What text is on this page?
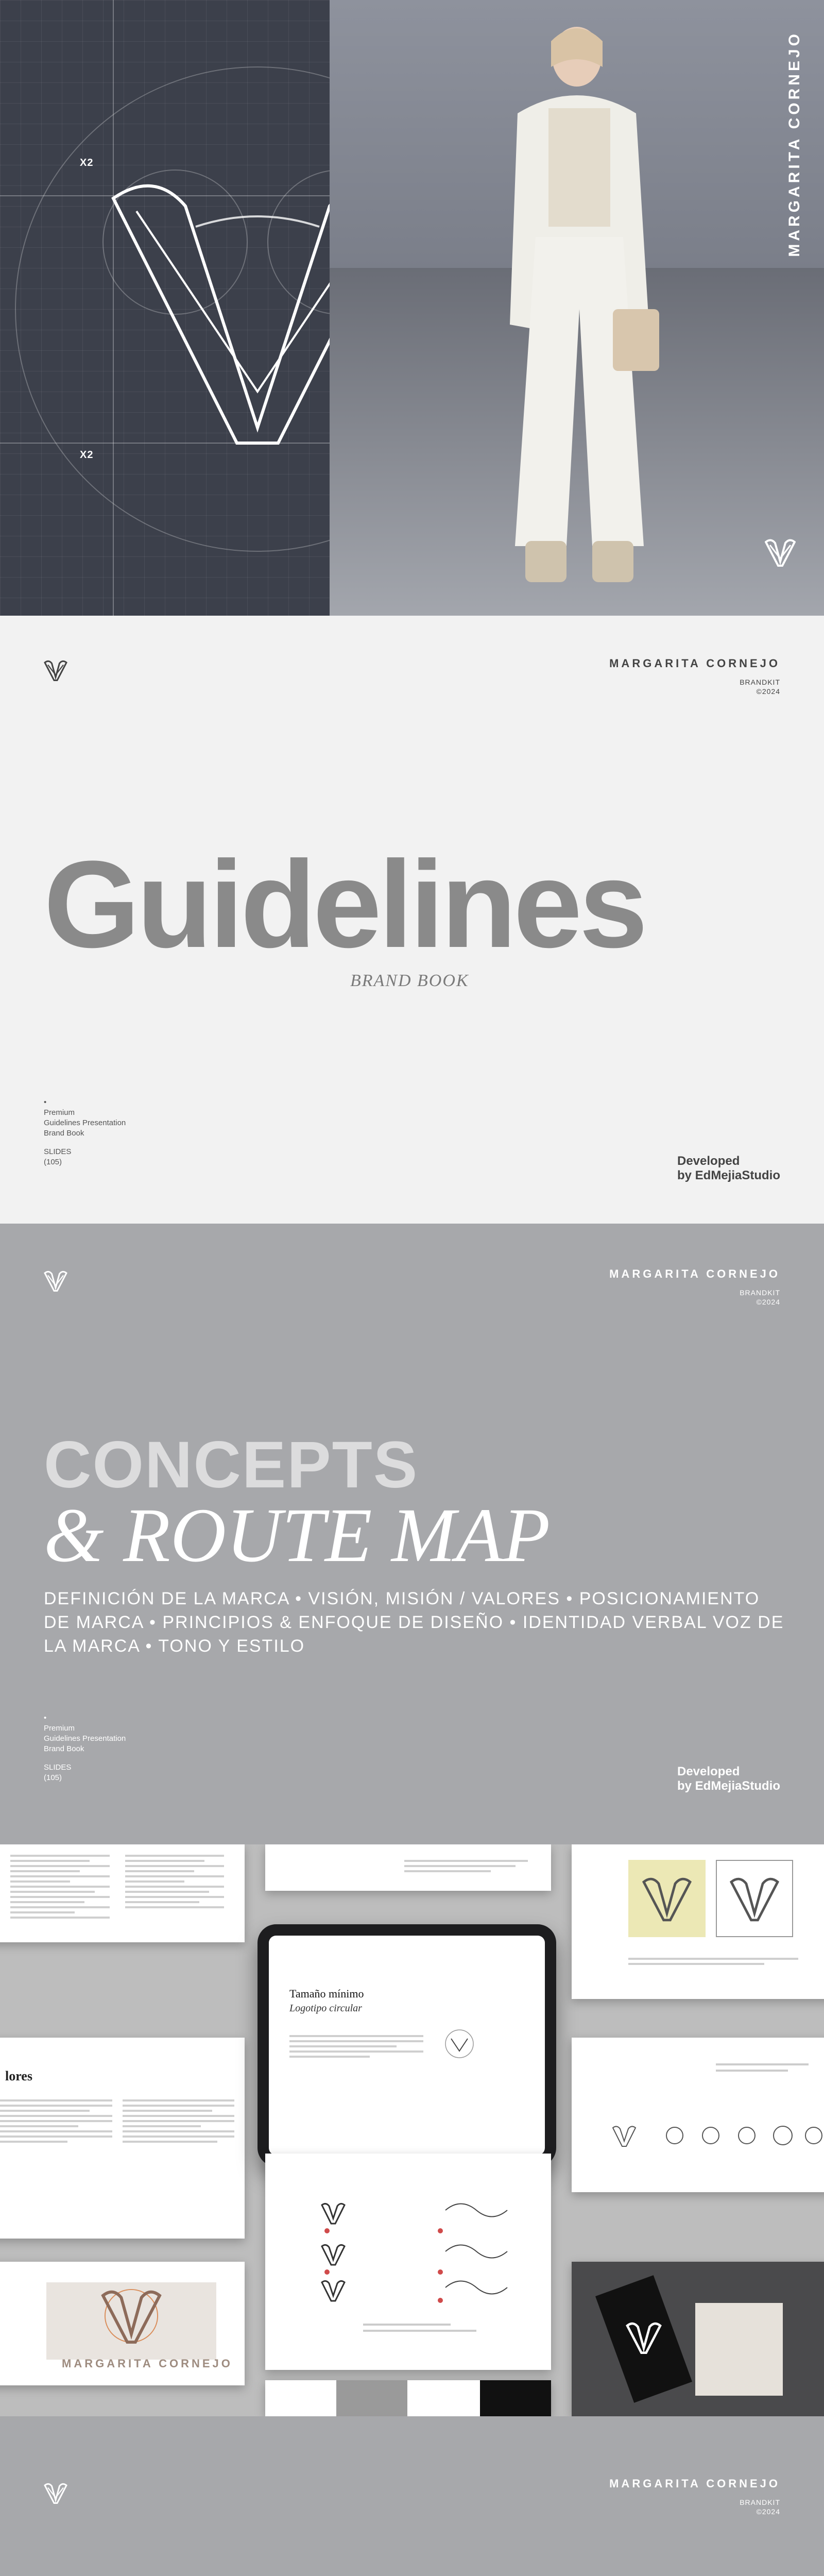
X2
X2
MARGARITA CORNEJO
MARGARITA CORNEJO
BRANDKIT
©2024
Guidelines
BRAND BOOK
•
Premium
Guidelines Presentation
Brand Book
SLIDES
(105)	Developed
by EdMejiaStudio
MARGARITA CORNEJO
BRANDKIT
©2024
CONCEPTS
& ROUTE MAP
DEFINICIÓN DE LA MARCA • VISIÓN, MISIÓN / VALORES • POSICIONAMIENTO DE MARCA • PRINCIPIOS & ENFOQUE DE DISEÑO • IDENTIDAD VERBAL VOZ DE LA MARCA • TONO Y ESTILO
•
Premium
Guidelines Presentation
Brand Book
SLIDES
(105)	Developed
by EdMejiaStudio
lores
MARGARITA CORNEJO
Tamaño mínimo
Logotipo circular
MARGARITA CORNEJO
BRANDKIT
©2024
